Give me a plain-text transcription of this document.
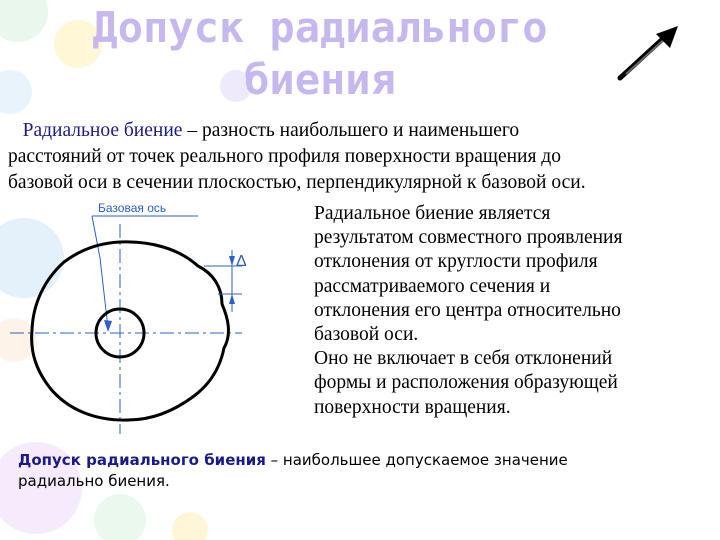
Допуск радиального
биения

Радиальное биение – разность наибольшего и наименьшего

расстояний от точек реального профиля поверхности вращения до

базовой оси в сечении плоскостью, перпендикулярной к базовой оси.

Базовая ось
Δ

Радиальное биение является

результатом совместного проявления

отклонения от круглости профиля

рассматриваемого сечения и

отклонения его центра относительно

базовой оси.

Оно не включает в себя отклонений

формы и расположения образующей

поверхности вращения.

Допуск радиального биения – наибольшее допускаемое значение

радиально биения.
